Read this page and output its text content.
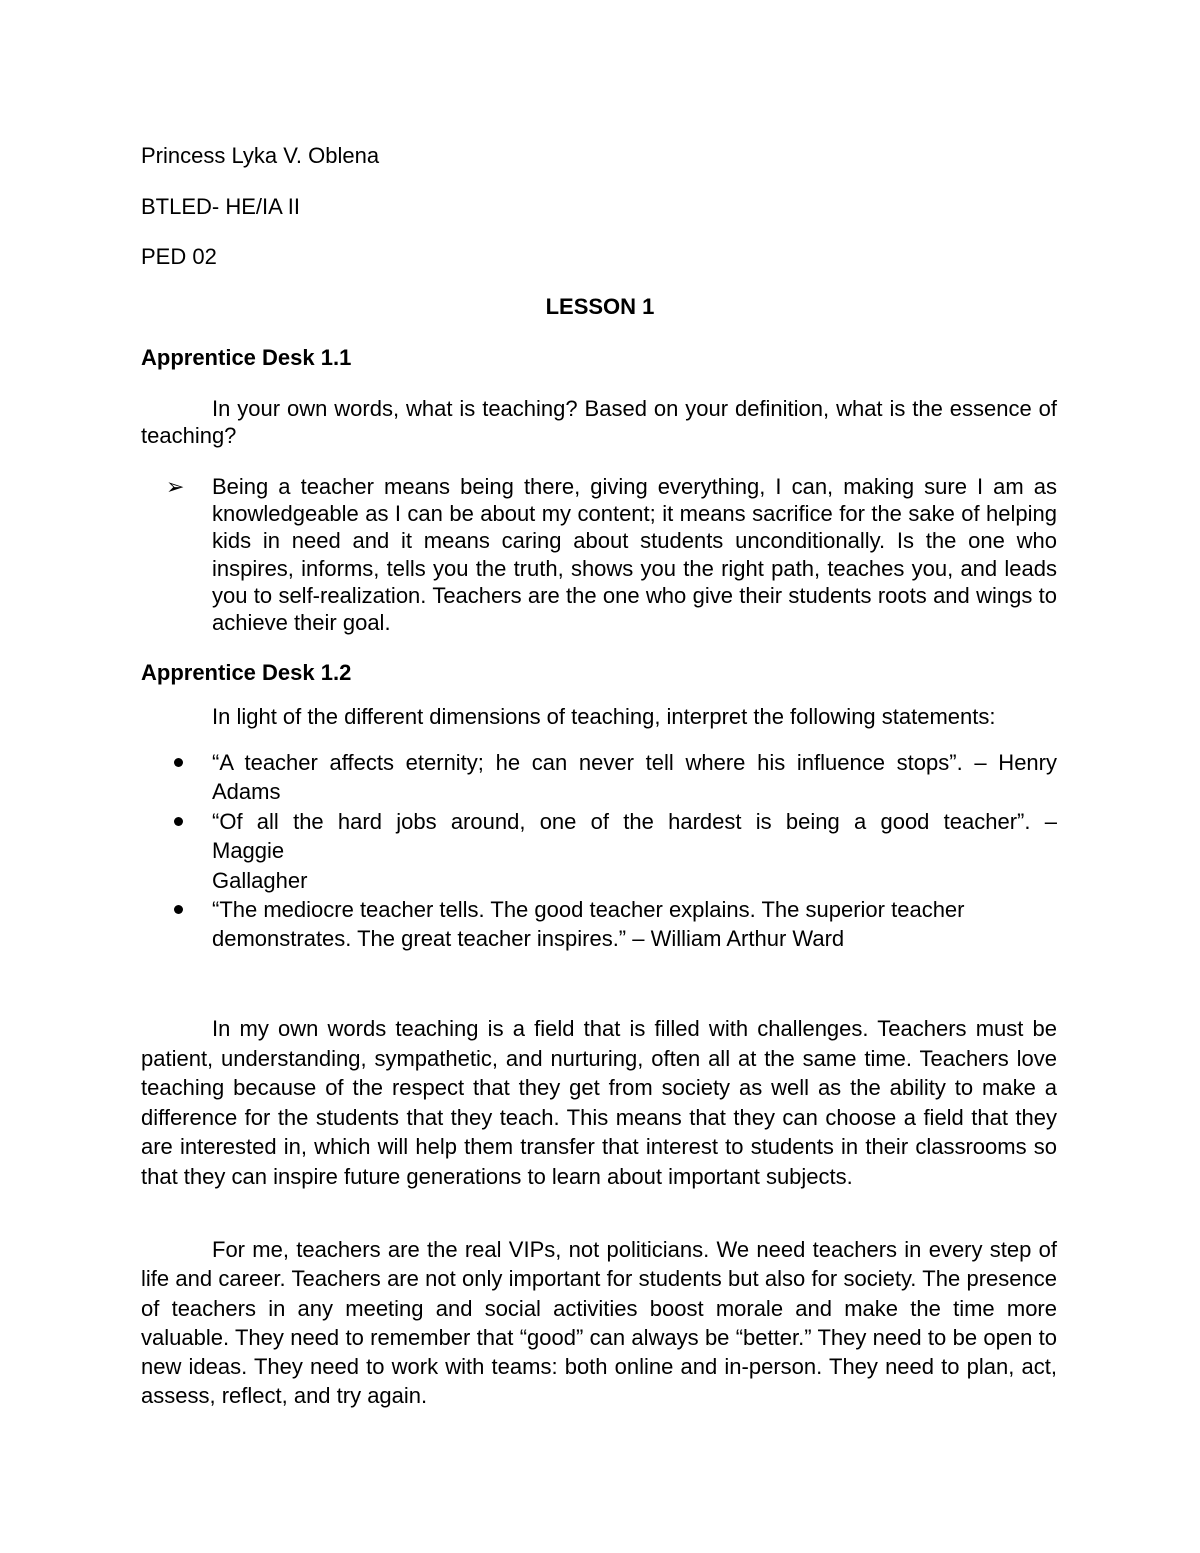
Princess Lyka V. Oblena
BTLED- HE/IA II
PED 02
LESSON 1
Apprentice Desk 1.1
In your own words, what is teaching? Based on your definition, what is the essence of teaching?
➢ Being a teacher means being there, giving everything, I can, making sure I am as knowledgeable as I can be about my content; it means sacrifice for the sake of helping kids in need and it means caring about students unconditionally. Is the one who inspires, informs, tells you the truth, shows you the right path, teaches you, and leads you to self-realization. Teachers are the one who give their students roots and wings to achieve their goal.
Apprentice Desk 1.2
In light of the different dimensions of teaching, interpret the following statements:
“A teacher affects eternity; he can never tell where his influence stops”. – Henry Adams
“Of all the hard jobs around, one of the hardest is being a good teacher”. –
Maggie
Gallagher
“The mediocre teacher tells. The good teacher explains. The superior teacher demonstrates. The great teacher inspires.” – William Arthur Ward
In my own words teaching is a field that is filled with challenges. Teachers must be patient, understanding, sympathetic, and nurturing, often all at the same time. Teachers love teaching because of the respect that they get from society as well as the ability to make a difference for the students that they teach. This means that they can choose a field that they are interested in, which will help them transfer that interest to students in their classrooms so that they can inspire future generations to learn about important subjects.
For me, teachers are the real VIPs, not politicians. We need teachers in every step of life and career. Teachers are not only important for students but also for society. The presence of teachers in any meeting and social activities boost morale and make the time more valuable. They need to remember that “good” can always be “better.” They need to be open to new ideas. They need to work with teams: both online and in-person. They need to plan, act, assess, reflect, and try again.
